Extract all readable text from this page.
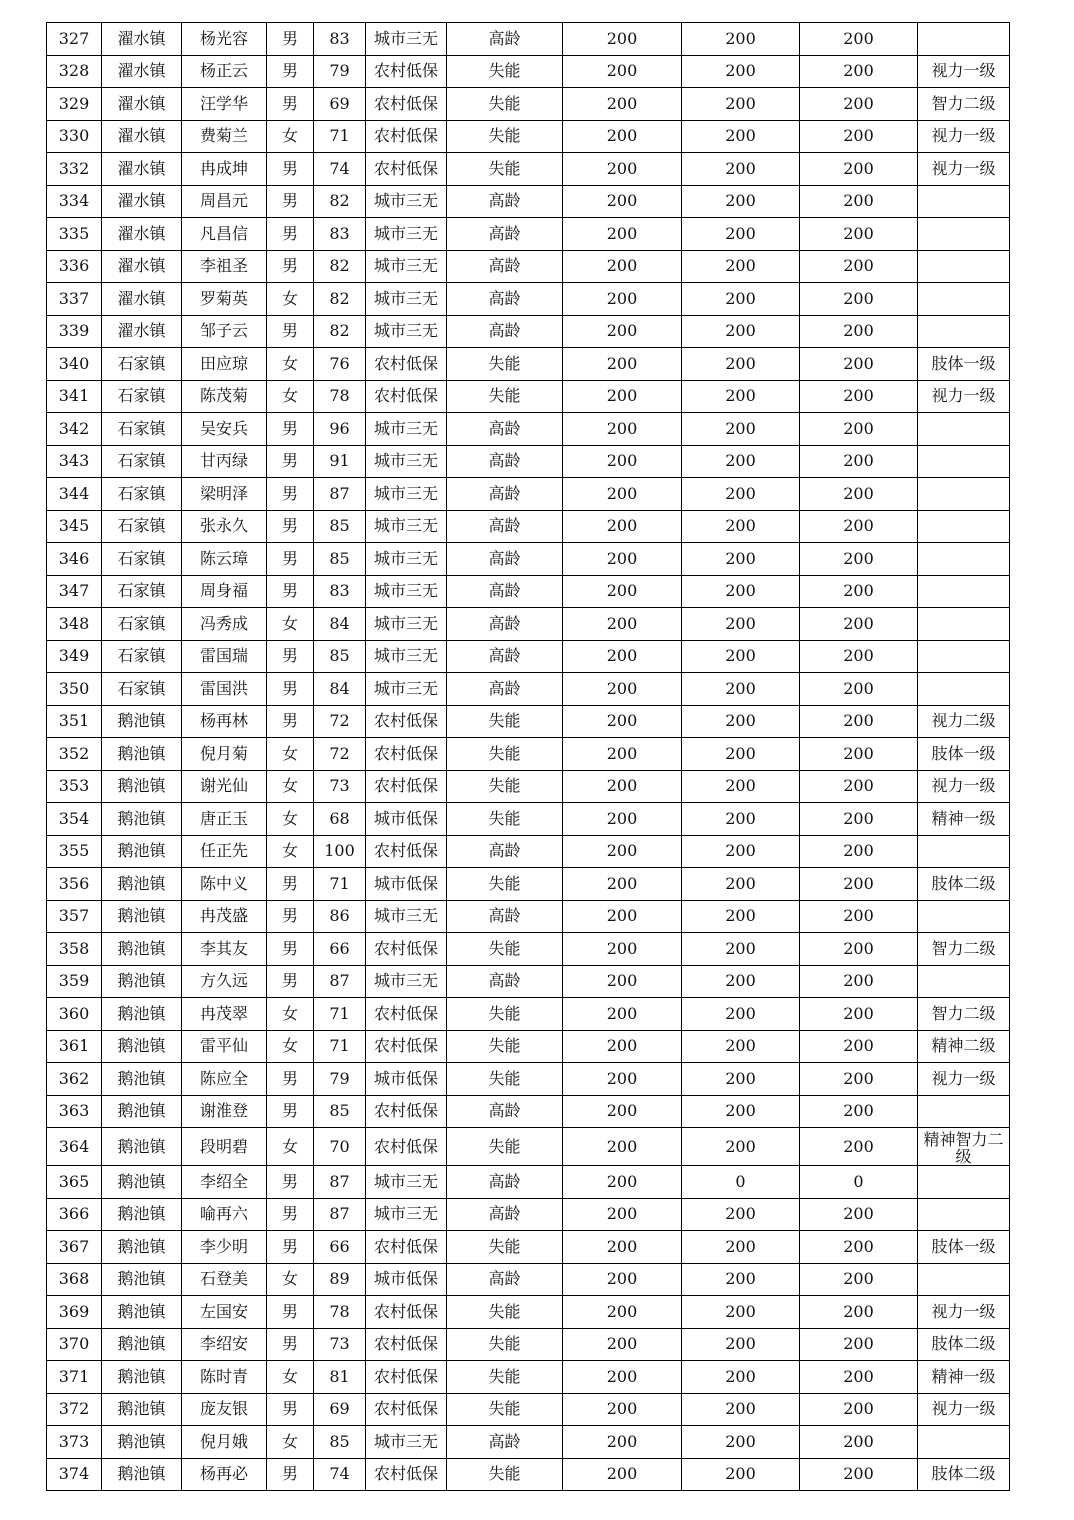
327	濯水镇	杨光容	男	83	城市三无	高龄	200	200	200	
328	濯水镇	杨正云	男	79	农村低保	失能	200	200	200	视力一级
329	濯水镇	汪学华	男	69	农村低保	失能	200	200	200	智力二级
330	濯水镇	费菊兰	女	71	农村低保	失能	200	200	200	视力一级
332	濯水镇	冉成坤	男	74	农村低保	失能	200	200	200	视力一级
334	濯水镇	周昌元	男	82	城市三无	高龄	200	200	200	
335	濯水镇	凡昌信	男	83	城市三无	高龄	200	200	200	
336	濯水镇	李祖圣	男	82	城市三无	高龄	200	200	200	
337	濯水镇	罗菊英	女	82	城市三无	高龄	200	200	200	
339	濯水镇	邹子云	男	82	城市三无	高龄	200	200	200	
340	石家镇	田应琼	女	76	农村低保	失能	200	200	200	肢体一级
341	石家镇	陈茂菊	女	78	农村低保	失能	200	200	200	视力一级
342	石家镇	吴安兵	男	96	城市三无	高龄	200	200	200	
343	石家镇	甘丙绿	男	91	城市三无	高龄	200	200	200	
344	石家镇	梁明泽	男	87	城市三无	高龄	200	200	200	
345	石家镇	张永久	男	85	城市三无	高龄	200	200	200	
346	石家镇	陈云璋	男	85	城市三无	高龄	200	200	200	
347	石家镇	周身福	男	83	城市三无	高龄	200	200	200	
348	石家镇	冯秀成	女	84	城市三无	高龄	200	200	200	
349	石家镇	雷国瑞	男	85	城市三无	高龄	200	200	200	
350	石家镇	雷国洪	男	84	城市三无	高龄	200	200	200	
351	鹅池镇	杨再林	男	72	农村低保	失能	200	200	200	视力二级
352	鹅池镇	倪月菊	女	72	农村低保	失能	200	200	200	肢体一级
353	鹅池镇	谢光仙	女	73	农村低保	失能	200	200	200	视力一级
354	鹅池镇	唐正玉	女	68	城市低保	失能	200	200	200	精神一级
355	鹅池镇	任正先	女	100	农村低保	高龄	200	200	200	
356	鹅池镇	陈中义	男	71	城市低保	失能	200	200	200	肢体二级
357	鹅池镇	冉茂盛	男	86	城市三无	高龄	200	200	200	
358	鹅池镇	李其友	男	66	农村低保	失能	200	200	200	智力二级
359	鹅池镇	方久远	男	87	城市三无	高龄	200	200	200	
360	鹅池镇	冉茂翠	女	71	农村低保	失能	200	200	200	智力二级
361	鹅池镇	雷平仙	女	71	农村低保	失能	200	200	200	精神二级
362	鹅池镇	陈应全	男	79	城市低保	失能	200	200	200	视力一级
363	鹅池镇	谢淮登	男	85	农村低保	高龄	200	200	200	
364	鹅池镇	段明碧	女	70	农村低保	失能	200	200	200	精神智力二级
365	鹅池镇	李绍全	男	87	城市三无	高龄	200	0	0	
366	鹅池镇	喻再六	男	87	城市三无	高龄	200	200	200	
367	鹅池镇	李少明	男	66	农村低保	失能	200	200	200	肢体一级
368	鹅池镇	石登美	女	89	城市低保	高龄	200	200	200	
369	鹅池镇	左国安	男	78	农村低保	失能	200	200	200	视力一级
370	鹅池镇	李绍安	男	73	农村低保	失能	200	200	200	肢体二级
371	鹅池镇	陈时青	女	81	农村低保	失能	200	200	200	精神一级
372	鹅池镇	庞友银	男	69	农村低保	失能	200	200	200	视力一级
373	鹅池镇	倪月娥	女	85	城市三无	高龄	200	200	200	
374	鹅池镇	杨再必	男	74	农村低保	失能	200	200	200	肢体二级
